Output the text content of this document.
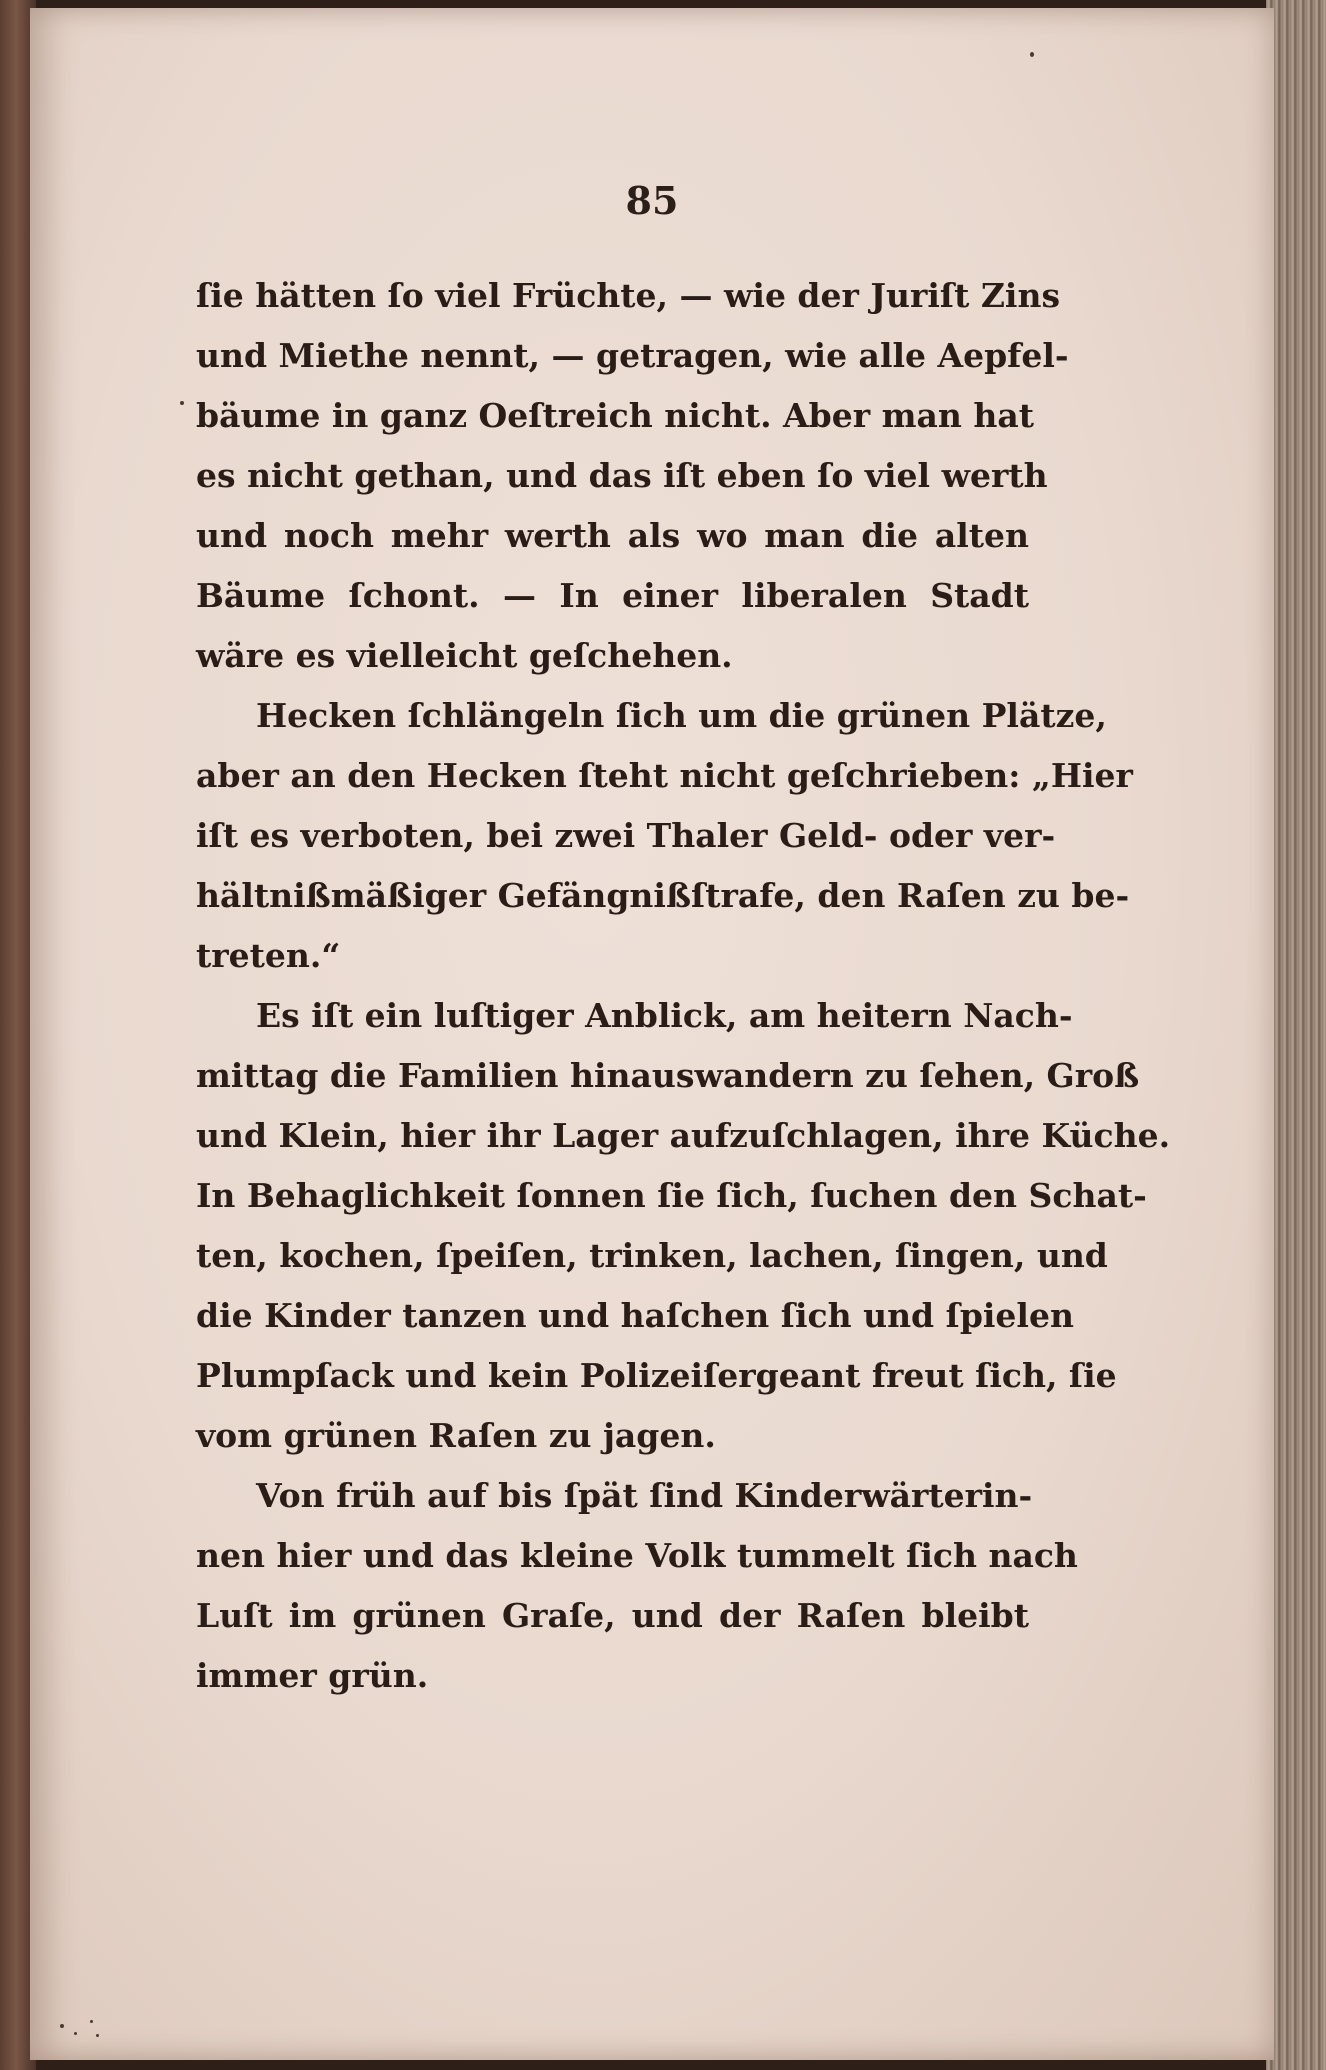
85
ſie hätten ſo viel Früchte, — wie der Juriſt Zins
und Miethe nennt, — getragen, wie alle Aepfel-
bäume in ganz Oeſtreich nicht. Aber man hat
es nicht gethan, und das iſt eben ſo viel werth
und noch mehr werth als wo man die alten
Bäume ſchont. — In einer liberalen Stadt
wäre es vielleicht geſchehen.
Hecken ſchlängeln ſich um die grünen Plätze,
aber an den Hecken ſteht nicht geſchrieben: „Hier
iſt es verboten, bei zwei Thaler Geld- oder ver-
hältnißmäßiger Gefängnißſtrafe, den Raſen zu be-
treten.“
Es iſt ein luſtiger Anblick, am heitern Nach-
mittag die Familien hinauswandern zu ſehen, Groß
und Klein, hier ihr Lager aufzuſchlagen, ihre Küche.
In Behaglichkeit ſonnen ſie ſich, ſuchen den Schat-
ten, kochen, ſpeiſen, trinken, lachen, ſingen, und
die Kinder tanzen und haſchen ſich und ſpielen
Plumpſack und kein Polizeiſergeant freut ſich, ſie
vom grünen Raſen zu jagen.
Von früh auf bis ſpät ſind Kinderwärterin-
nen hier und das kleine Volk tummelt ſich nach
Luſt im grünen Graſe, und der Raſen bleibt
immer grün.
